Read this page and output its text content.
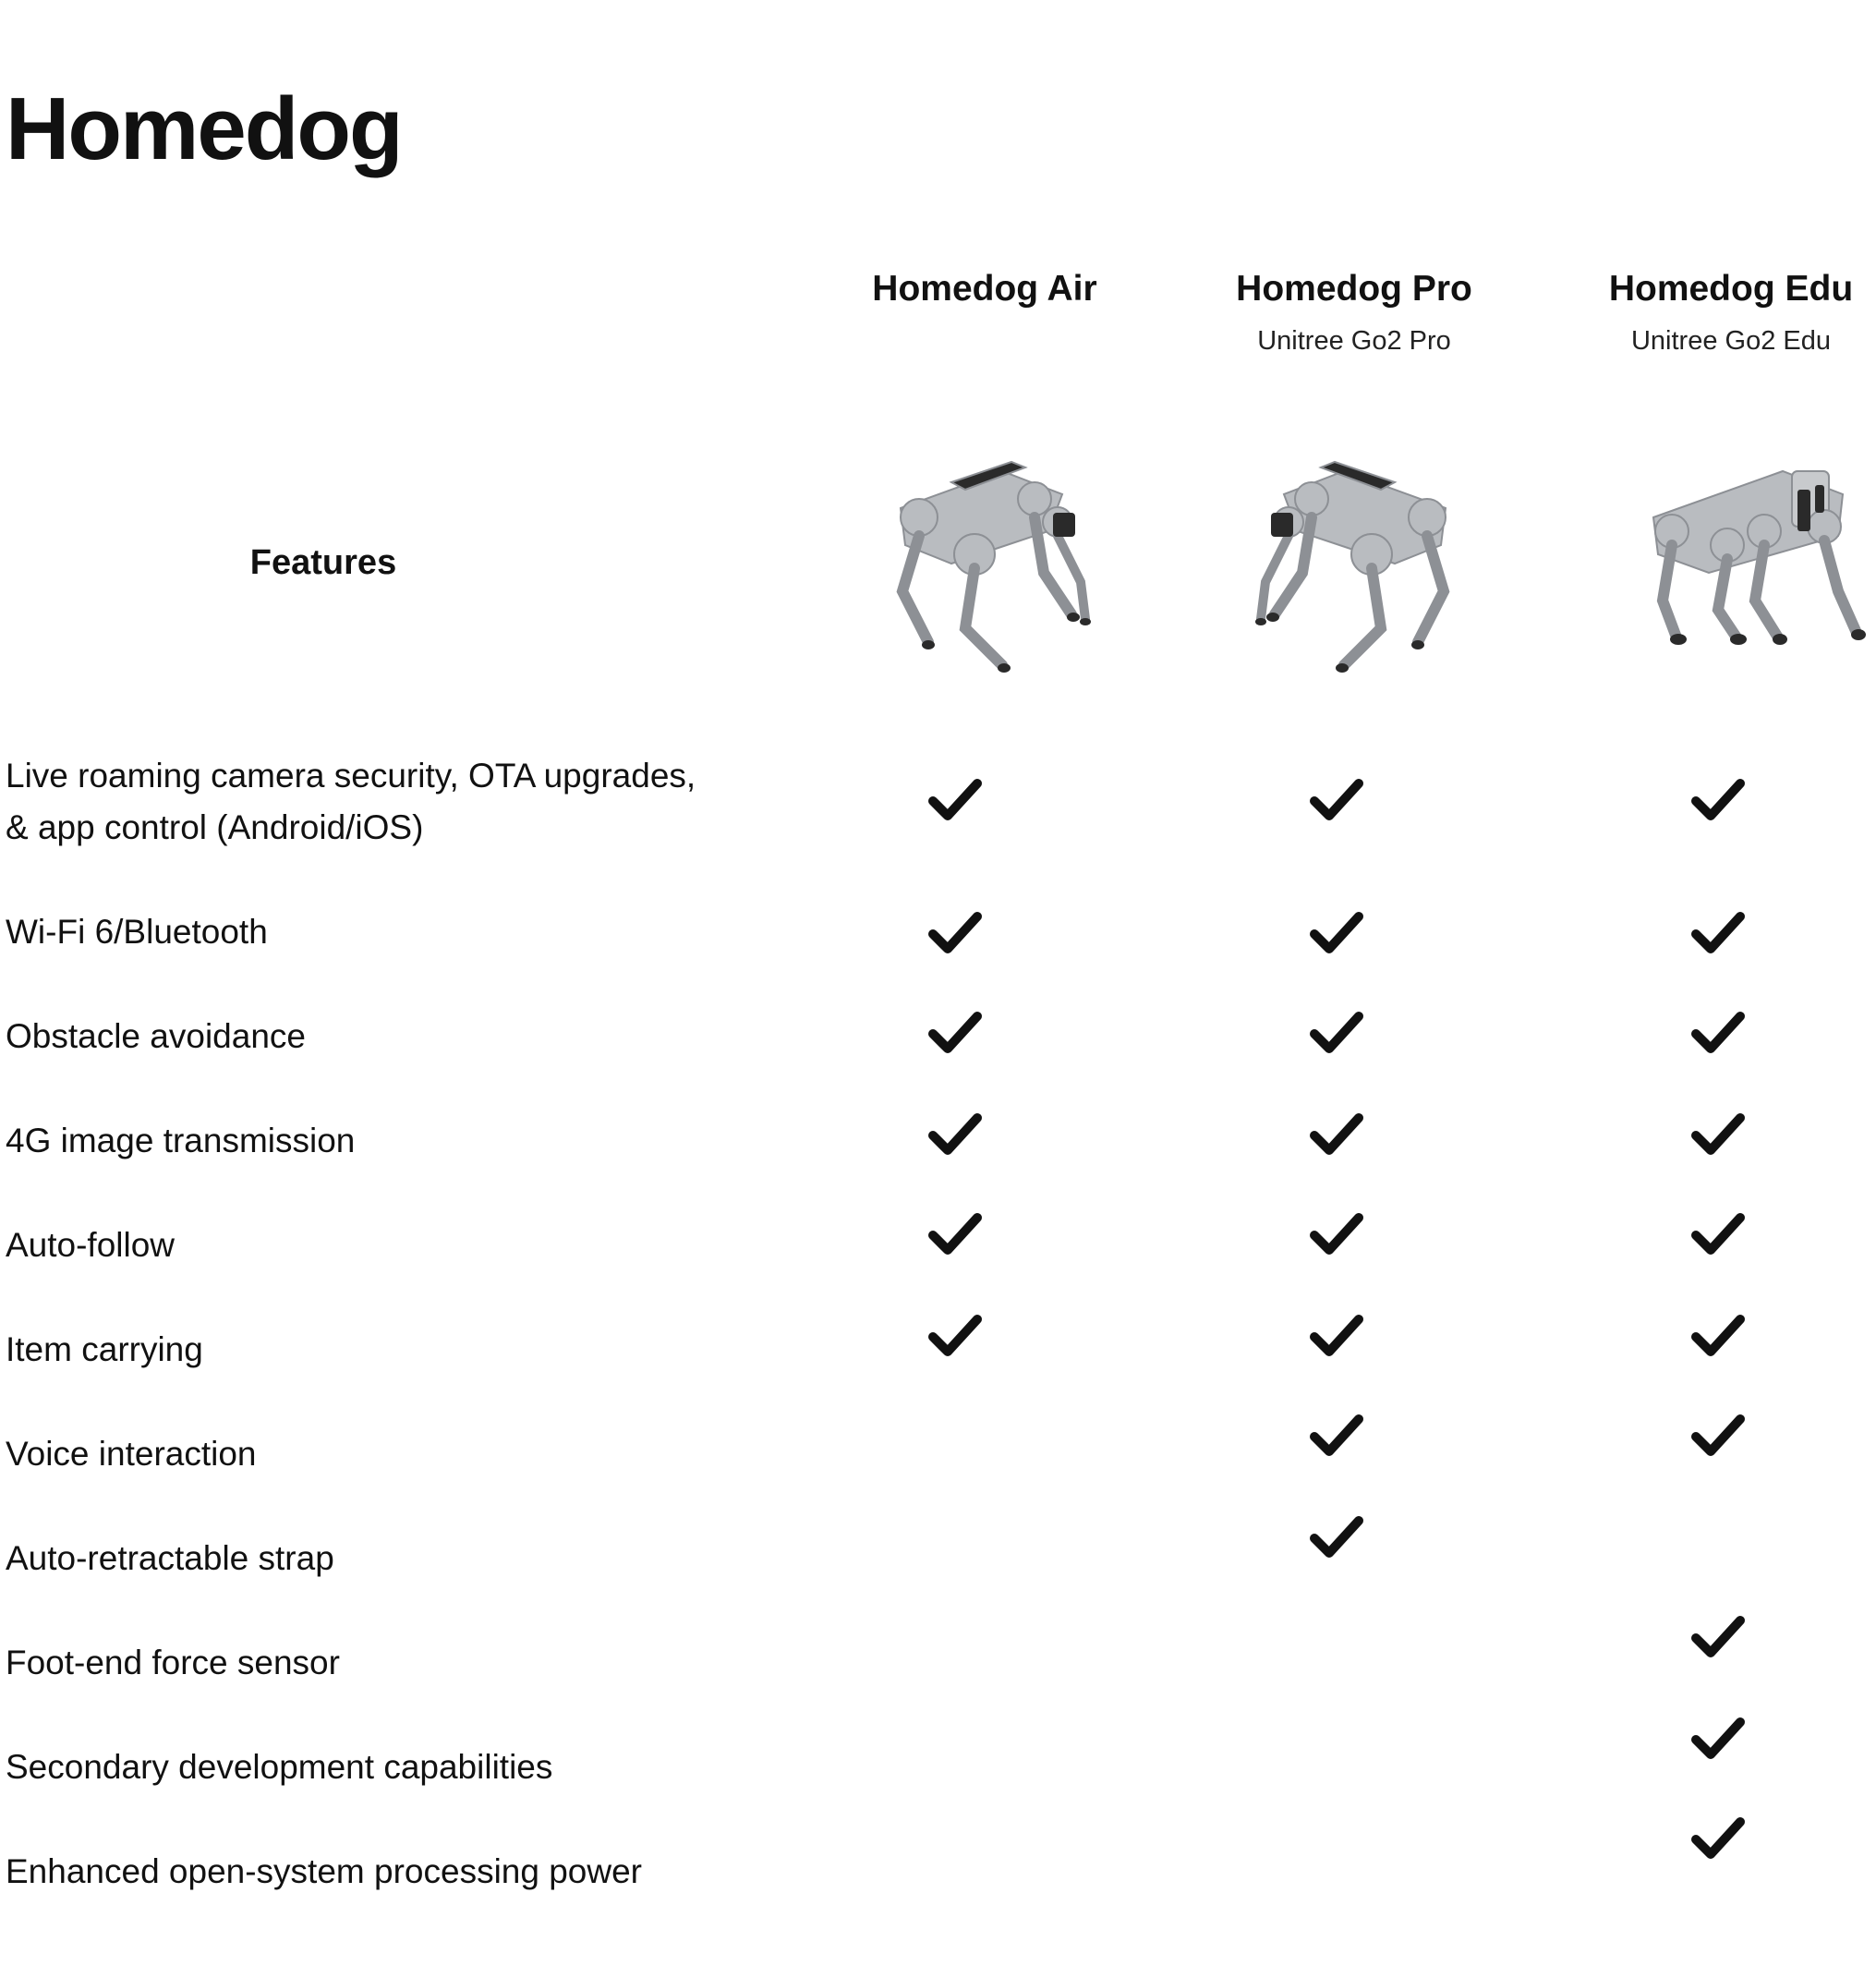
Homedog
Homedog Air	Homedog Pro
Unitree Go2 Pro
Homedog Edu
Unitree Go2 Edu
Features
Live roaming camera security, OTA upgrades,
& app control (Android/iOS)
Wi-Fi 6/Bluetooth
Obstacle avoidance
4G image transmission
Auto-follow
Item carrying
Voice interaction
Auto-retractable strap
Foot-end force sensor
Secondary development capabilities
Enhanced open-system processing power
